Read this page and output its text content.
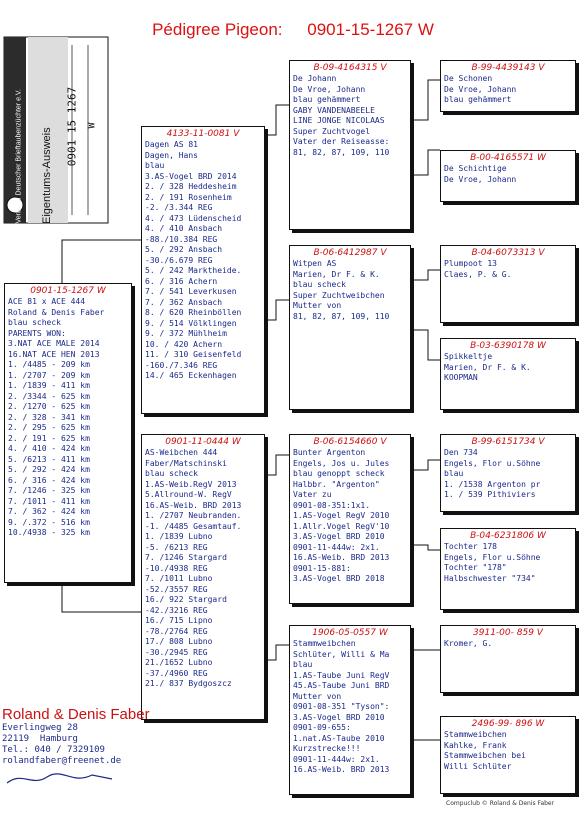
Pédigree Pigeon: 0901-15-1267 W
Verband Deutscher Brieftaubenzüchter e.V. Eigentums-Ausweis
0901 15 1267 W
0901-15-1267 W
ACE 81 x ACE 444
Roland & Denis Faber
blau scheck
PARENTS WON:
3.NAT ACE MALE 2014
16.NAT ACE HEN 2013
1. /4485 - 209 km
1. /2707 - 209 km
1. /1839 - 411 km
2. /3344 - 625 km
2. /1270 - 625 km
2. / 328 - 341 km
2. / 295 - 625 km
2. / 191 - 625 km
4. / 410 - 424 km
5. /6213 - 411 km
5. / 292 - 424 km
6. / 316 - 424 km
7. /1246 - 325 km
7. /1011 - 411 km
7. / 362 - 424 km
9. /.372 - 516 km
10./4938 - 325 km
4133-11-0081 V
Dagen AS 81
Dagen, Hans
blau
3.AS-Vogel BRD 2014
2. / 328 Heddesheim
2. / 191 Rosenheim
-2. /3.344 REG
4. / 473 Lüdenscheid
4. / 410 Ansbach
-88./10.384 REG
5. / 292 Ansbach
-30./6.679 REG
5. / 242 Marktheide.
6. / 316 Achern
7. / 541 Leverkusen
7. / 362 Ansbach
8. / 620 Rheinböllen
9. / 514 Völklingen
9. / 372 Mühlheim
10. / 420 Achern
11. / 310 Geisenfeld
-160./7.346 REG
14./ 465 Eckenhagen
0901-11-0444 W
AS-Weibchen 444
Faber/Matschinski
blau scheck
1.AS-Weib.RegV 2013
5.Allround-W. RegV
16.AS-Weib. BRD 2013
1. /2707 Neubranden.
-1. /4485 Gesamtauf.
1. /1839 Lubno
-5. /6213 REG
7. /1246 Stargard
-10./4938 REG
7. /1011 Lubno
-52./3557 REG
16./ 922 Stargard
-42./3216 REG
16./ 715 Lipno
-78./2764 REG
17./ 808 Lubno
-30./2945 REG
21./1652 Lubno
-37./4960 REG
21./ 837 Bydgoszcz
B-09-4164315 V
De Johann
De Vroe, Johann
blau gehämmert
GABY VANDENABEELE
LINE JONGE NICOLAAS
Super Zuchtvogel
Vater der Reiseasse:
81, 82, 87, 109, 110
B-06-6412987 V
Witpen AS
Marien, Dr F. & K.
blau scheck
Super Zuchtweibchen
Mutter von
81, 82, 87, 109, 110
B-06-6154660 V
Bunter Argenton
Engels, Jos u. Jules
blau genoppt scheck
Halbbr. "Argenton"
Vater zu
0901-08-351:1x1.
1.AS-Vogel RegV 2010
1.Allr.Vogel RegV'10
3.AS-Vogel BRD 2010
0901-11-444w: 2x1.
16.AS-Weib. BRD 2013
0901-15-881:
3.AS-Vogel BRD 2018
1906-05-0557 W
Stammweibchen
Schlüter, Willi & Ma
blau
1.AS-Taube Juni RegV
45.AS-Taube Juni BRD
Mutter von
0901-08-351 "Tyson":
3.AS-Vogel BRD 2010
0901-09-655:
1.nat.AS-Taube 2010
Kurzstrecke!!!
0901-11-444w: 2x1.
16.AS-Weib. BRD 2013
B-99-4439143 V
De Schonen
De Vroe, Johann
blau gehämmert
B-00-4165571 W
De Schichtige
De Vroe, Johann
B-04-6073313 V
Plumpoot 13
Claes, P. & G.
B-03-6390178 W
Spikkeltje
Marien, Dr F. & K.
KOOPMAN
B-99-6151734 V
Den 734
Engels, Flor u.Söhne
blau
1. /1538 Argenton pr
1. / 539 Pithiviers
B-04-6231806 W
Tochter 178
Engels, Flor u.Söhne
Tochter "178"
Halbschwester "734"
3911-00- 859 V
Kromer, G.
2496-99- 896 W
Stammweibchen
Kahlke, Frank
Stammweibchen bei
Willi Schlüter
Roland & Denis Faber
Everlingweg 28
22119  Hamburg
Tel.: 040 / 7329109
rolandfaber@freenet.de
Compuclub © Roland & Denis Faber
